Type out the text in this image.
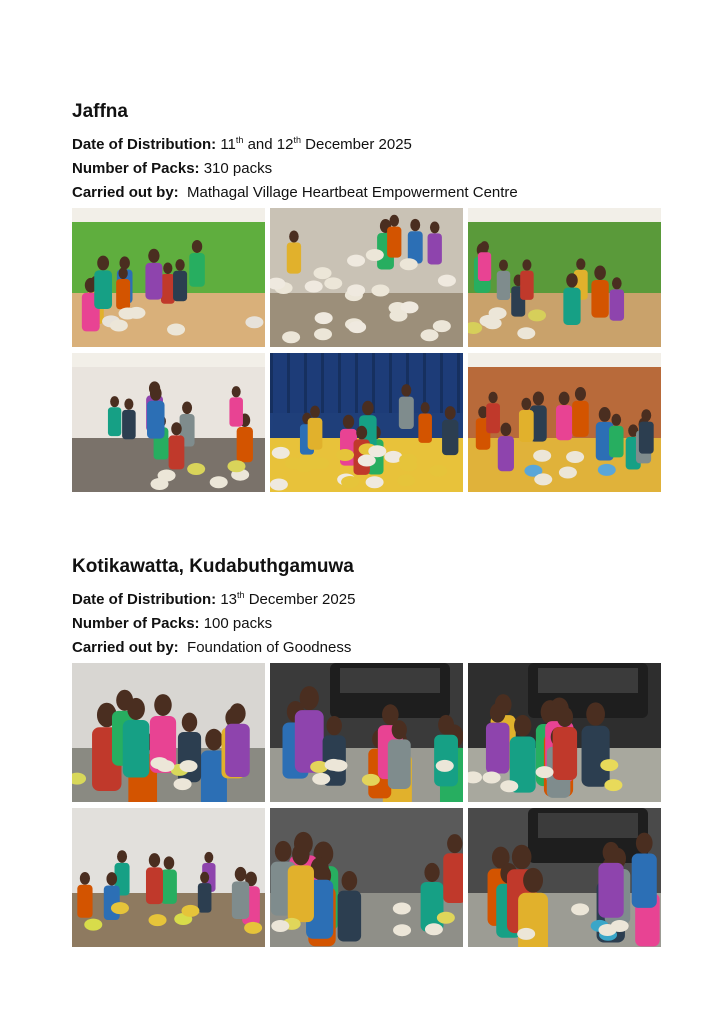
Jaffna

Date of Distribution: 11th and 12th December 2025

Number of Packs: 310 packs

Carried out by: Mathagal Village Heartbeat Empowerment Centre

Kotikawatta, Kudabuthgamuwa

Date of Distribution: 13th December 2025

Number of Packs: 100 packs

Carried out by: Foundation of Goodness
